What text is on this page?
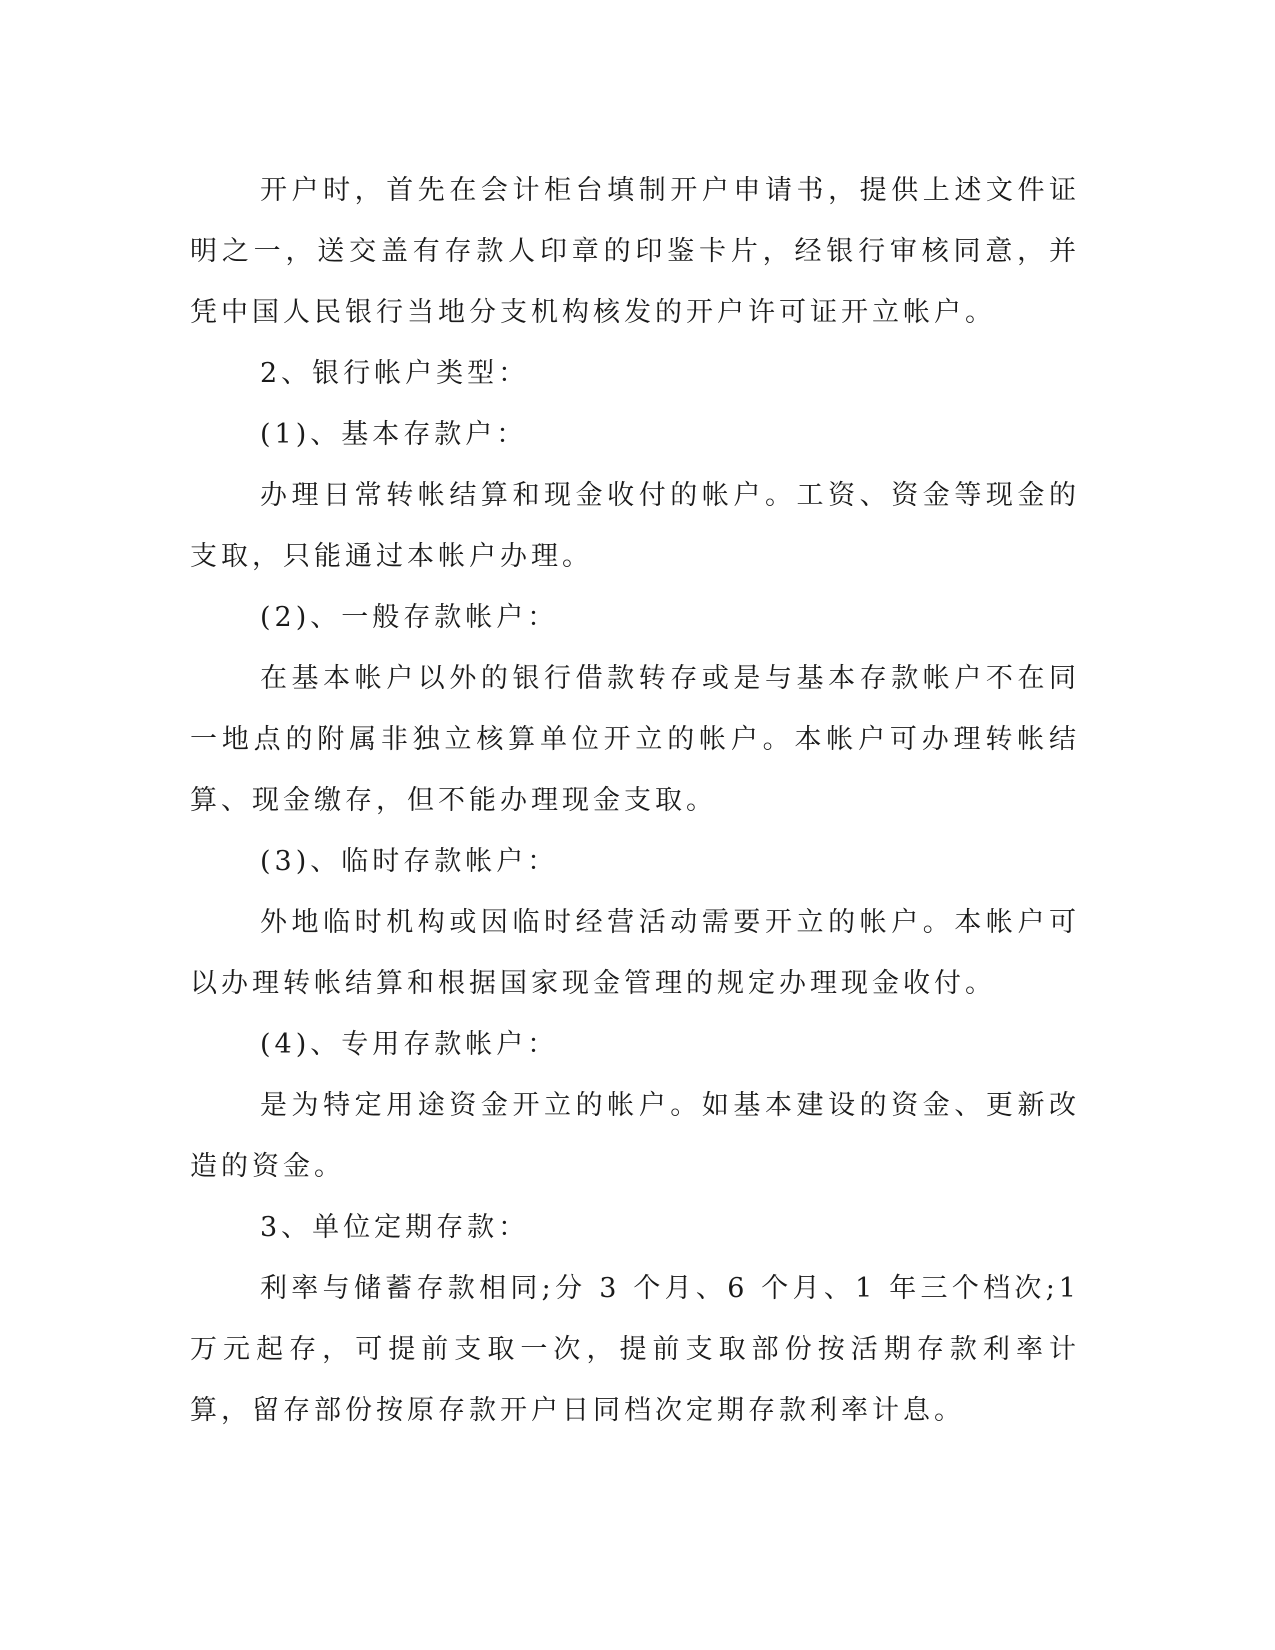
开户时，首先在会计柜台填制开户申请书，提供上述文件证明之一，送交盖有存款人印章的印鉴卡片，经银行审核同意，并凭中国人民银行当地分支机构核发的开户许可证开立帐户。

2、银行帐户类型：

(1)、基本存款户：

办理日常转帐结算和现金收付的帐户。工资、资金等现金的支取，只能通过本帐户办理。

(2)、一般存款帐户：

在基本帐户以外的银行借款转存或是与基本存款帐户不在同一地点的附属非独立核算单位开立的帐户。本帐户可办理转帐结算、现金缴存，但不能办理现金支取。

(3)、临时存款帐户：

外地临时机构或因临时经营活动需要开立的帐户。本帐户可以办理转帐结算和根据国家现金管理的规定办理现金收付。

(4)、专用存款帐户：

是为特定用途资金开立的帐户。如基本建设的资金、更新改造的资金。

3、单位定期存款：

利率与储蓄存款相同;分 3 个月、6 个月、1 年三个档次;1 万元起存，可提前支取一次，提前支取部份按活期存款利率计算，留存部份按原存款开户日同档次定期存款利率计息。
